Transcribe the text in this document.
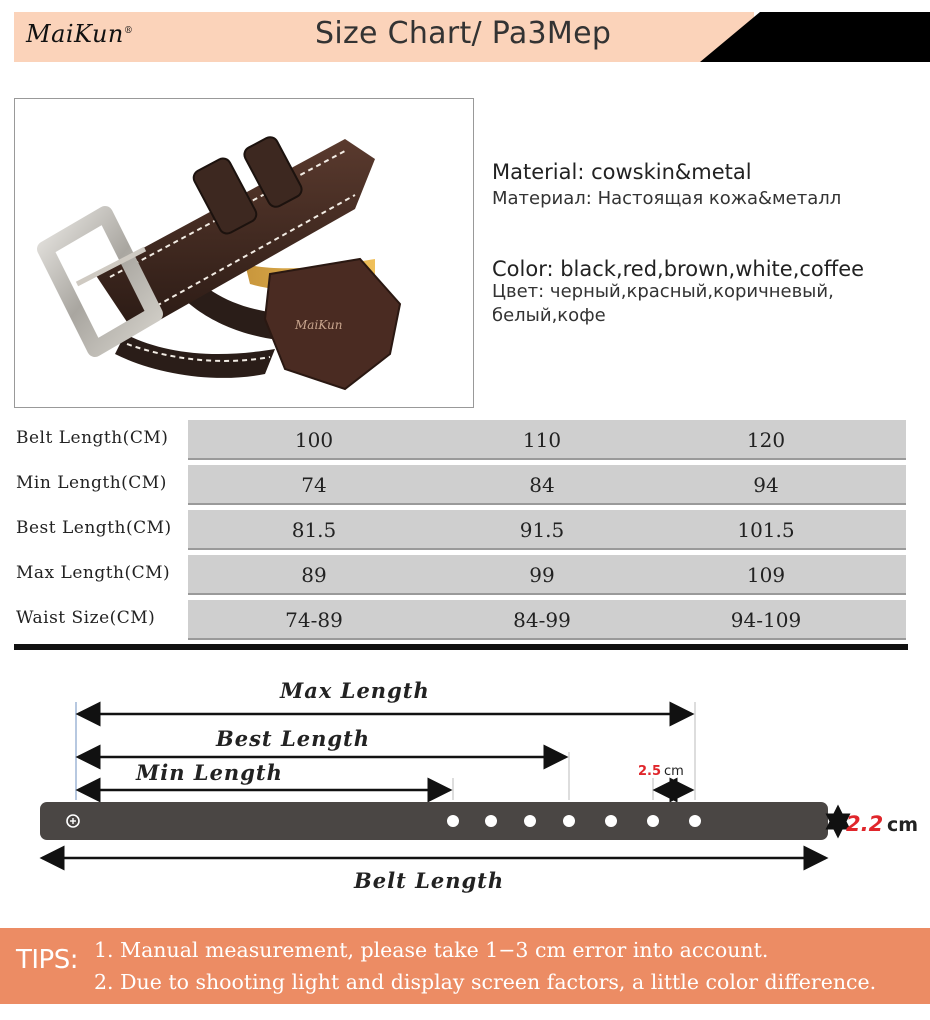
MaiKun®	Size Chart/ Pa3Mep
MaiKun
Material: cowskin&metal
Материал: Настоящая кожа&металл
Color: black,red,brown,white,coffee
Цвет: черный,красный,коричневый,
белый,кофе
Belt Length(CM)	100	110	120
Min Length(CM)	74	84	94
Best Length(CM)	81.5	91.5	101.5
Max Length(CM)	89	99	109
Waist Size(CM)	74-89	84-99	94-109
Max Length
Best Length
Min Length	2.5 cm
2.2 cm
Belt Length
TIPS: 1. Manual measurement, please take 1−3 cm error into account.
2. Due to shooting light and display screen factors, a little color difference.
